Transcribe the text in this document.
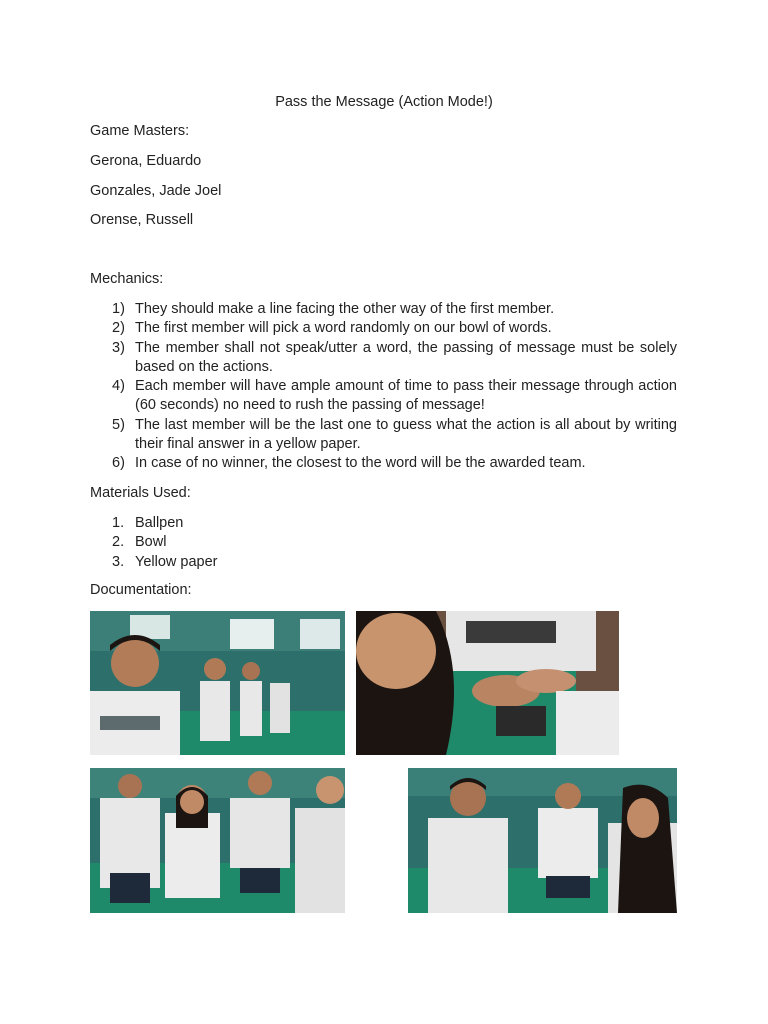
Pass the Message (Action Mode!)
Game Masters:
Gerona, Eduardo
Gonzales, Jade Joel
Orense, Russell
Mechanics:
1) They should make a line facing the other way of the first member.
2) The first member will pick a word randomly on our bowl of words.
3) The member shall not speak/utter a word, the passing of message must be solely based on the actions.
4) Each member will have ample amount of time to pass their message through action (60 seconds) no need to rush the passing of message!
5) The last member will be the last one to guess what the action is all about by writing their final answer in a yellow paper.
6) In case of no winner, the closest to the word will be the awarded team.
Materials Used:
1. Ballpen
2. Bowl
3. Yellow paper
Documentation:
